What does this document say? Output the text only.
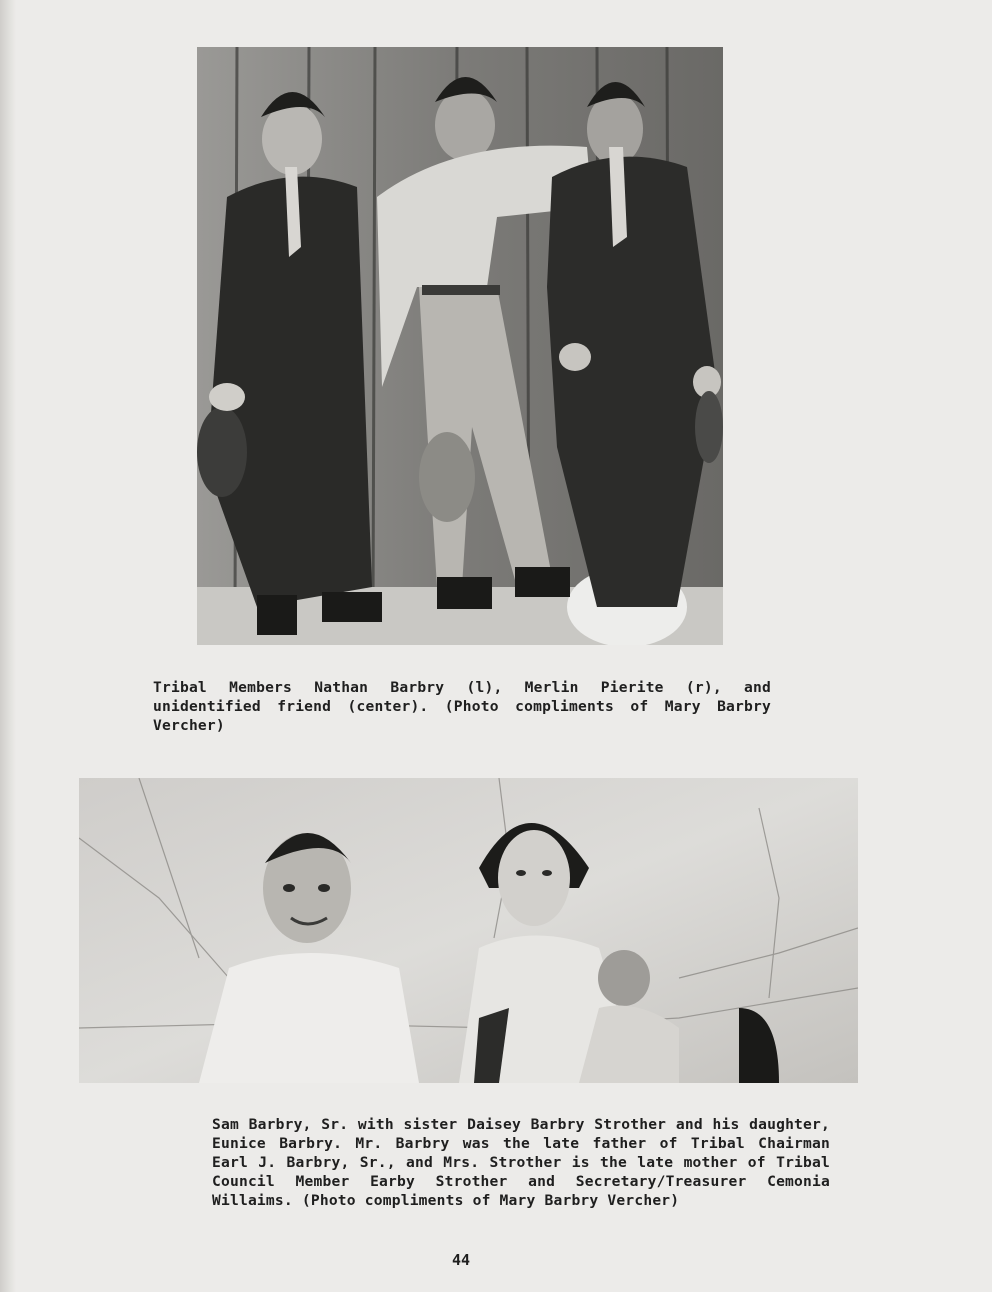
Tribal Members Nathan Barbry (l), Merlin Pierite (r), and unidentified friend (center). (Photo compliments of Mary Barbry Vercher)
Sam Barbry, Sr. with sister Daisey Barbry Strother and his daughter, Eunice Barbry. Mr. Barbry was the late father of Tribal Chairman Earl J. Barbry, Sr., and Mrs. Strother is the late mother of Tribal Council Member Earby Strother and Secretary/Treasurer Cemonia Willaims. (Photo compliments of Mary Barbry Vercher)
44
